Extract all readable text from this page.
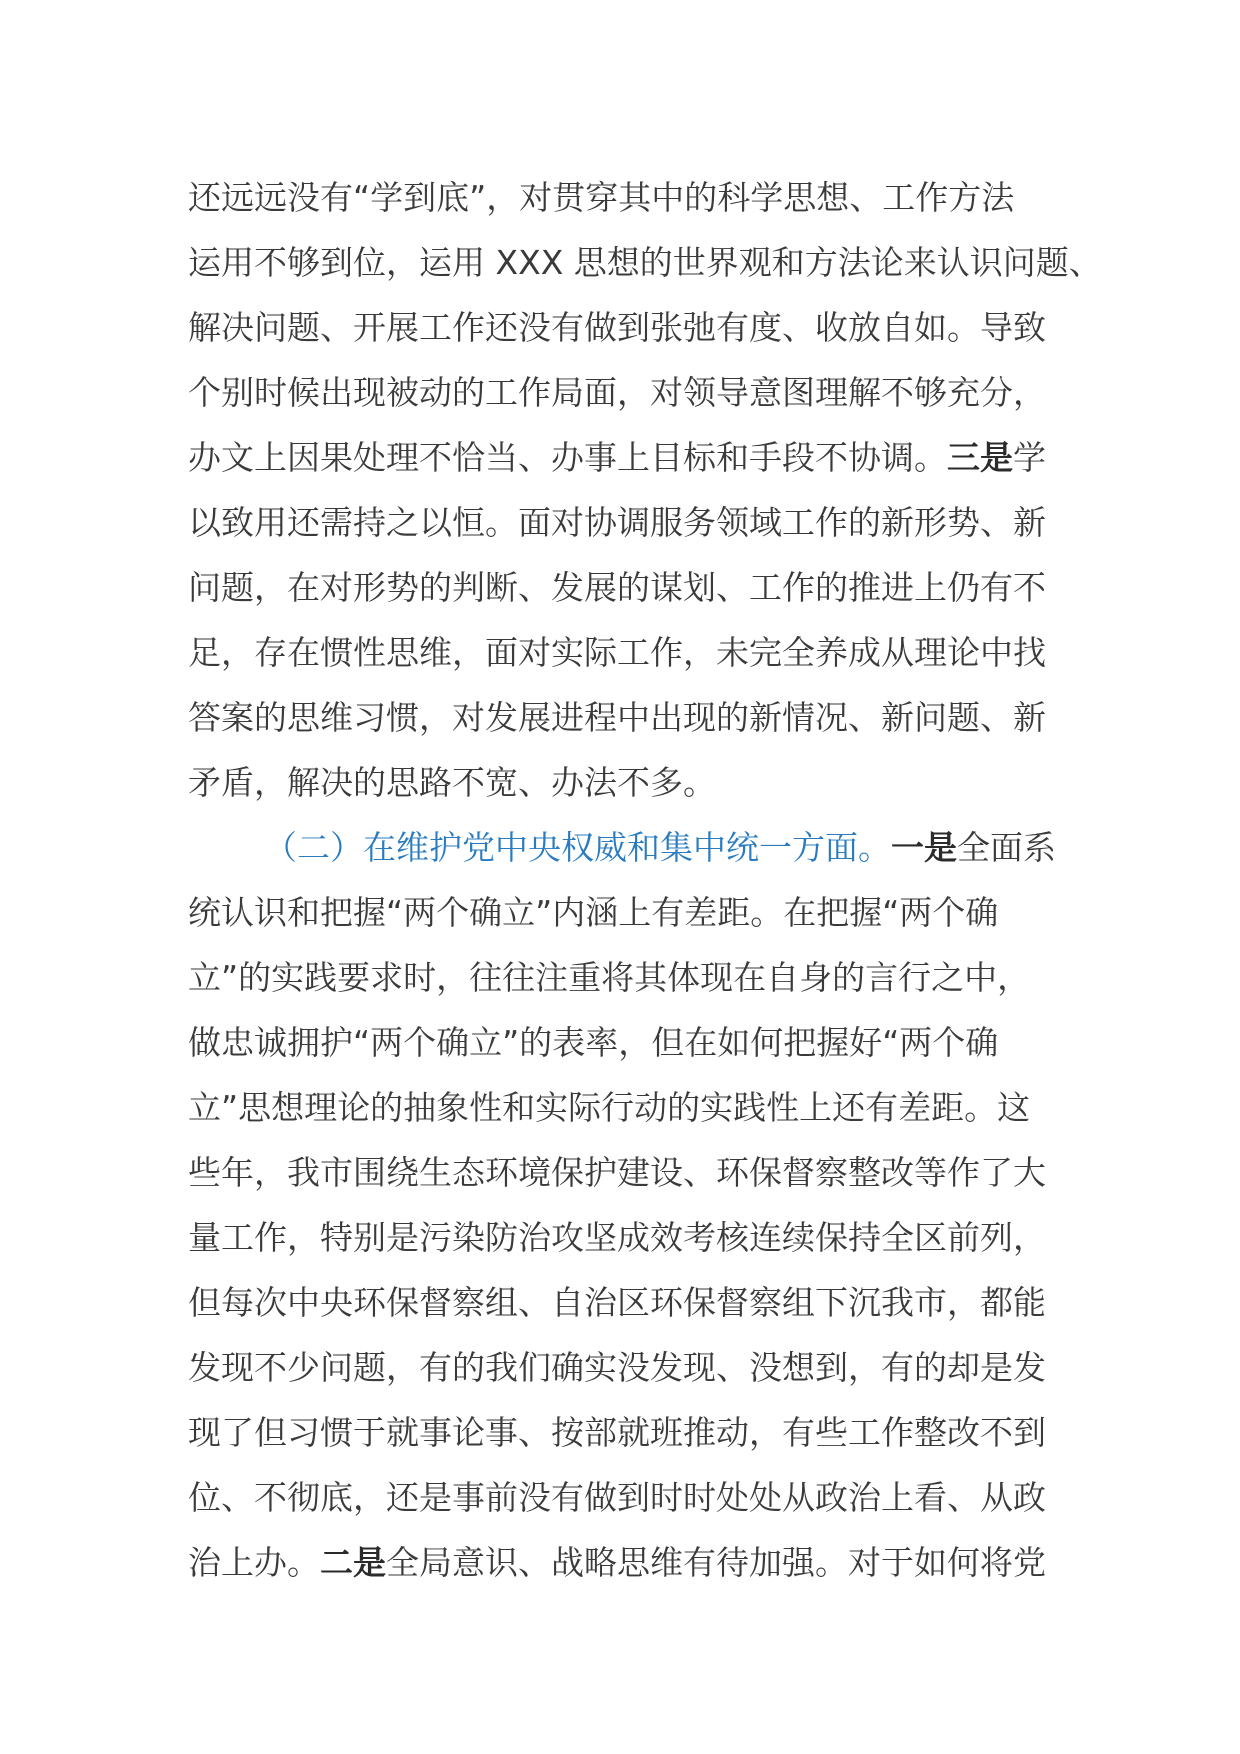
还远远没有“学到底”，对贯穿其中的科学思想、工作方法
运用不够到位，运用 XXX 思想的世界观和方法论来认识问题、
解决问题、开展工作还没有做到张弛有度、收放自如。导致
个别时候出现被动的工作局面，对领导意图理解不够充分，
办文上因果处理不恰当、办事上目标和手段不协调。三是学
以致用还需持之以恒。面对协调服务领域工作的新形势、新
问题，在对形势的判断、发展的谋划、工作的推进上仍有不
足，存在惯性思维，面对实际工作，未完全养成从理论中找
答案的思维习惯，对发展进程中出现的新情况、新问题、新
矛盾，解决的思路不宽、办法不多。
（二）在维护党中央权威和集中统一方面。一是全面系
统认识和把握“两个确立”内涵上有差距。在把握“两个确
立”的实践要求时，往往注重将其体现在自身的言行之中，
做忠诚拥护“两个确立”的表率，但在如何把握好“两个确
立”思想理论的抽象性和实际行动的实践性上还有差距。这
些年，我市围绕生态环境保护建设、环保督察整改等作了大
量工作，特别是污染防治攻坚成效考核连续保持全区前列，
但每次中央环保督察组、自治区环保督察组下沉我市，都能
发现不少问题，有的我们确实没发现、没想到，有的却是发
现了但习惯于就事论事、按部就班推动，有些工作整改不到
位、不彻底，还是事前没有做到时时处处从政治上看、从政
治上办。二是全局意识、战略思维有待加强。对于如何将党
